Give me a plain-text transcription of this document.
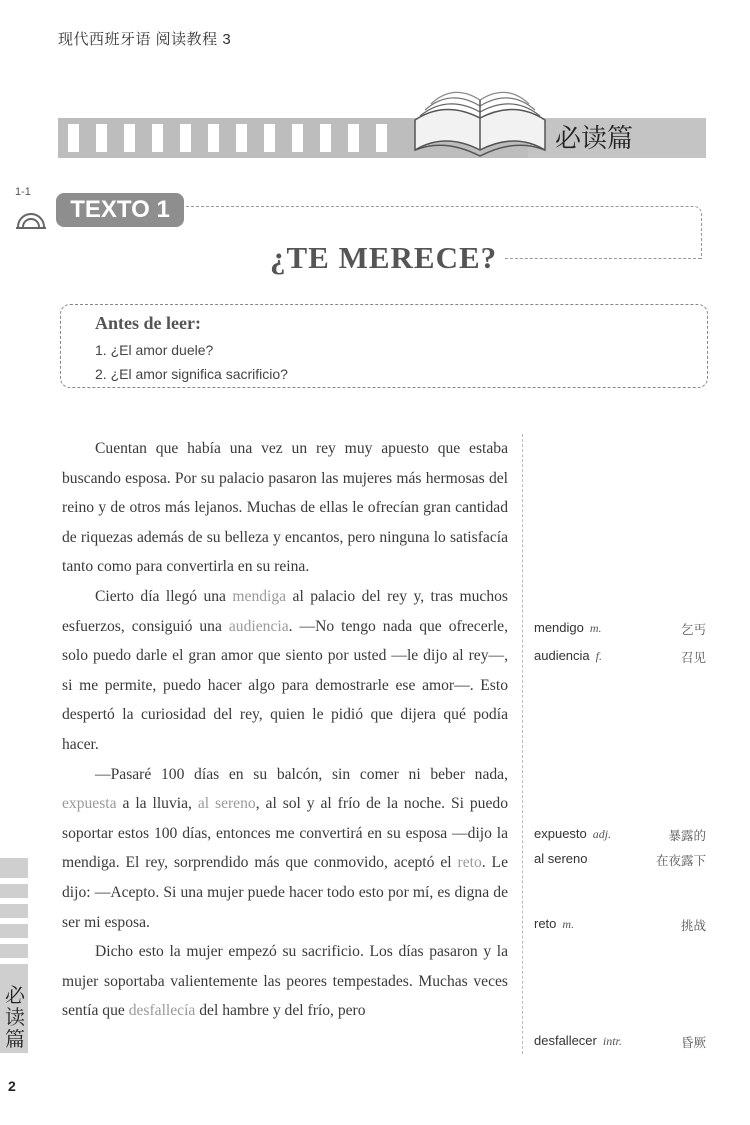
现代西班牙语 阅读教程 3
必读篇
1-1
TEXTO 1
¿TE MERECE?
Antes de leer:
1. ¿El amor duele?
2. ¿El amor significa sacrificio?

Cuentan que había una vez un rey muy apuesto que estaba buscando esposa. Por su palacio pasaron las mujeres más hermosas del reino y de otros más lejanos. Muchas de ellas le ofrecían gran cantidad de riquezas además de su belleza y encantos, pero ninguna lo satisfacía tanto como para convertirla en su reina.

Cierto día llegó una mendiga al palacio del rey y, tras muchos esfuerzos, consiguió una audiencia. —No tengo nada que ofrecerle, solo puedo darle el gran amor que siento por usted —le dijo al rey—, si me permite, puedo hacer algo para demostrarle ese amor—. Esto despertó la curiosidad del rey, quien le pidió que dijera qué podía hacer.

—Pasaré 100 días en su balcón, sin comer ni beber nada, expuesta a la lluvia, al sereno, al sol y al frío de la noche. Si puedo soportar estos 100 días, entonces me convertirá en su esposa —dijo la mendiga. El rey, sorprendido más que conmovido, aceptó el reto. Le dijo: —Acepto. Si una mujer puede hacer todo esto por mí, es digna de ser mi esposa.

Dicho esto la mujer empezó su sacrificio. Los días pasaron y la mujer soportaba valientemente las peores tempestades. Muchas veces sentía que desfallecía del hambre y del frío, pero

mendigo m.	乞丐
audiencia f.	召见
expuesto adj.	暴露的
al sereno	在夜露下
reto m.	挑战
desfallecer intr.	昏厥
必读篇
2
